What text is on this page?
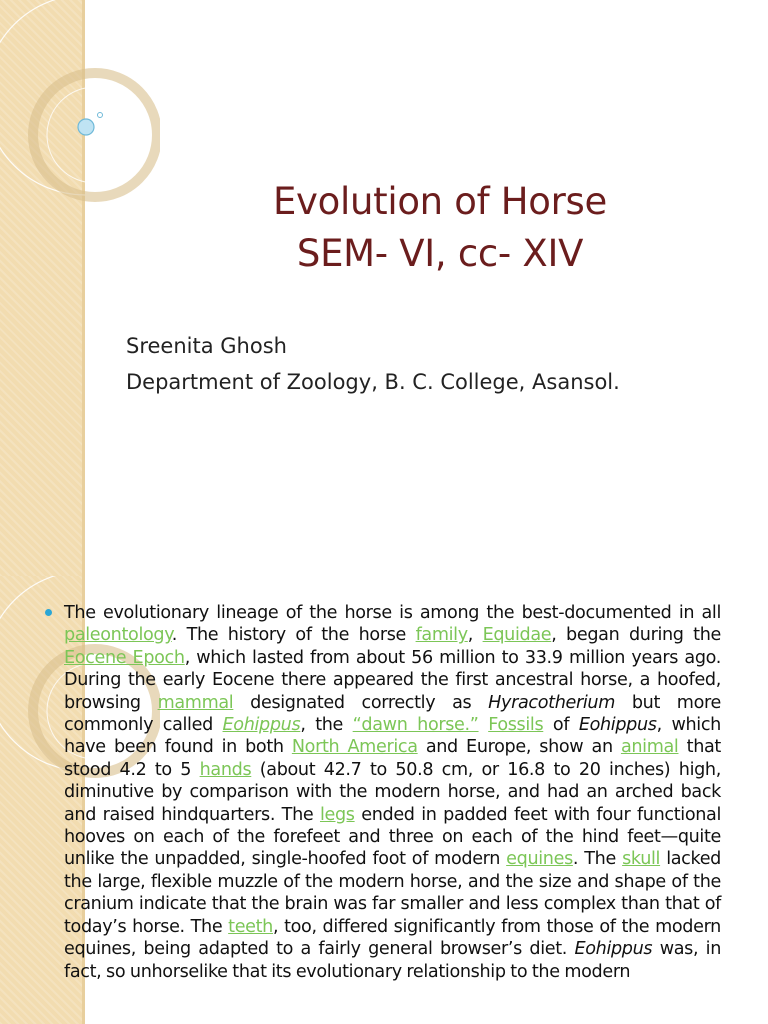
Evolution of Horse
SEM- VI, cc- XIV
Sreenita Ghosh
Department of Zoology, B. C. College, Asansol.
The evolutionary lineage of the horse is among the best-documented in all paleontology. The history of the horse family, Equidae, began during the Eocene Epoch, which lasted from about 56 million to 33.9 million years ago. During the early Eocene there appeared the first ancestral horse, a hoofed, browsing mammal designated correctly as Hyracotherium but more commonly called Eohippus, the “dawn horse.” Fossils of Eohippus, which have been found in both North America and Europe, show an animal that stood 4.2 to 5 hands (about 42.7 to 50.8 cm, or 16.8 to 20 inches) high, diminutive by comparison with the modern horse, and had an arched back and raised hindquarters. The legs ended in padded feet with four functional hooves on each of the forefeet and three on each of the hind feet—quite unlike the unpadded, single-hoofed foot of modern equines. The skull lacked the large, flexible muzzle of the modern horse, and the size and shape of the cranium indicate that the brain was far smaller and less complex than that of today’s horse. The teeth, too, differed significantly from those of the modern equines, being adapted to a fairly general browser’s diet. Eohippus was, in fact, so unhorselike that its evolutionary relationship to the modern
